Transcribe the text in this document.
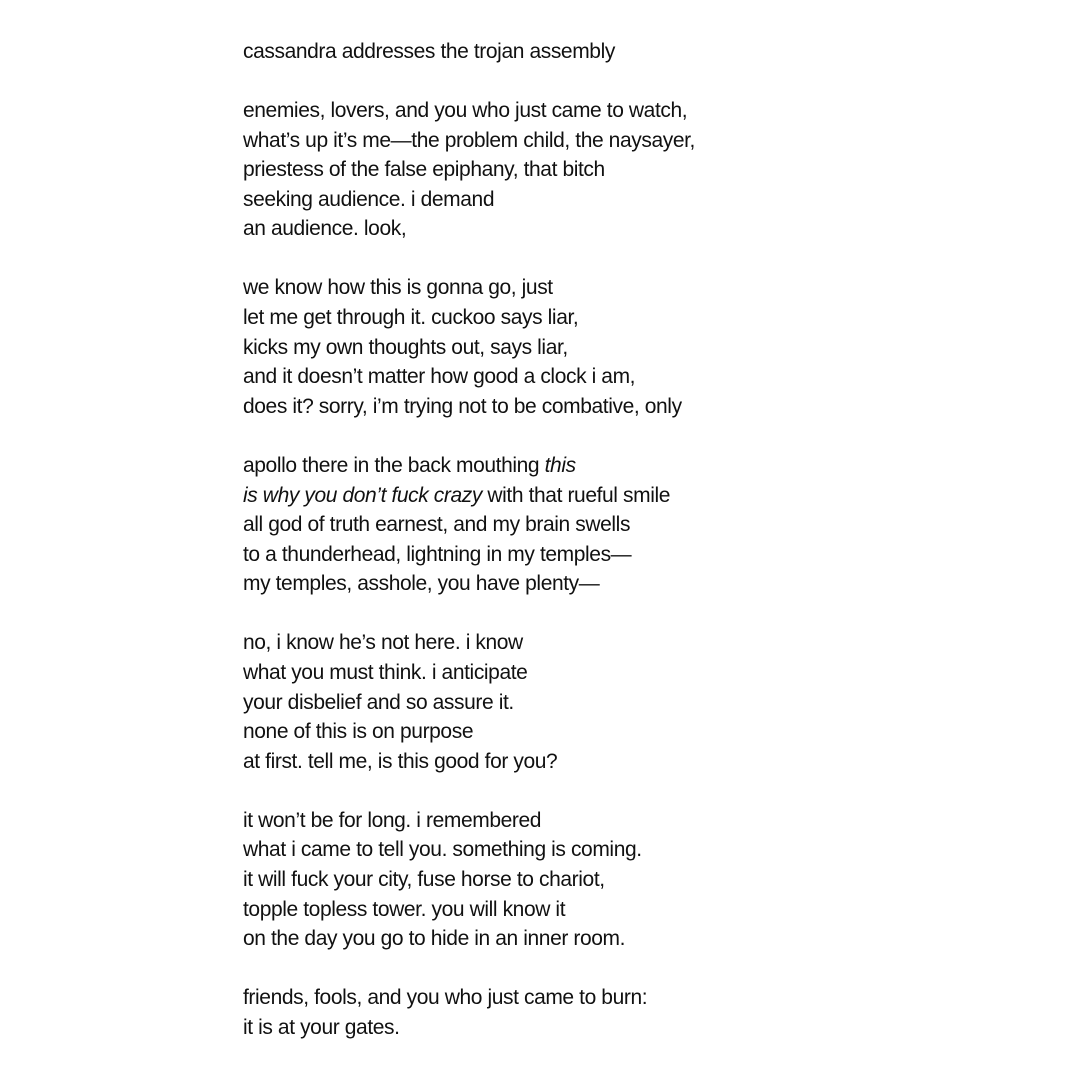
cassandra addresses the trojan assembly
enemies, lovers, and you who just came to watch,
what’s up it’s me—the problem child, the naysayer,
priestess of the false epiphany, that bitch
seeking audience. i demand
an audience. look,
we know how this is gonna go, just
let me get through it. cuckoo says liar,
kicks my own thoughts out, says liar,
and it doesn’t matter how good a clock i am,
does it? sorry, i’m trying not to be combative, only
apollo there in the back mouthing this
is why you don’t fuck crazy with that rueful smile
all god of truth earnest, and my brain swells
to a thunderhead, lightning in my temples—
my temples, asshole, you have plenty—
no, i know he’s not here. i know
what you must think. i anticipate
your disbelief and so assure it.
none of this is on purpose
at first. tell me, is this good for you?
it won’t be for long. i remembered
what i came to tell you. something is coming.
it will fuck your city, fuse horse to chariot,
topple topless tower. you will know it
on the day you go to hide in an inner room.
friends, fools, and you who just came to burn:
it is at your gates.
